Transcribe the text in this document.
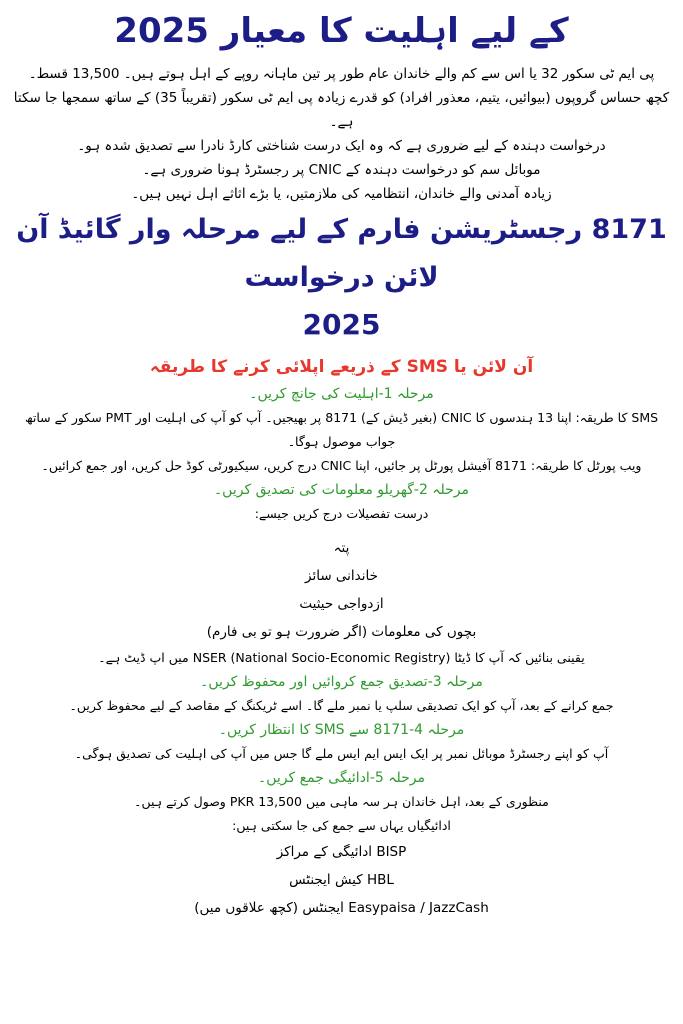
کے لیے اہلیت کا معیار 2025

پی ایم ٹی سکور 32 یا اس سے کم والے خاندان عام طور پر تین ماہانہ روپے کے اہل ہوتے ہیں۔ 13,500 قسط۔

کچھ حساس گروپوں (بیوائیں، یتیم، معذور افراد) کو قدرے زیادہ پی ایم ٹی سکور (تقریباً 35) کے ساتھ سمجھا جا سکتا ہے۔

درخواست دہندہ کے لیے ضروری ہے کہ وہ ایک درست شناختی کارڈ نادرا سے تصدیق شدہ ہو۔

موبائل سم کو درخواست دہندہ کے CNIC پر رجسٹرڈ ہونا ضروری ہے۔

زیادہ آمدنی والے خاندان، انتظامیہ کی ملازمتیں، یا بڑے اثاثے اہل نہیں ہیں۔

8171 رجسٹریشن فارم کے لیے مرحلہ وار گائیڈ آن لائن درخواست
2025
آن لائن یا SMS کے ذریعے اپلائی کرنے کا طریقہ

مرحلہ 1-اہلیت کی جانچ کریں۔

SMS کا طریقہ: اپنا 13 ہندسوں کا CNIC (بغیر ڈیش کے) 8171 پر بھیجیں۔ آپ کو آپ کی اہلیت اور PMT سکور کے ساتھ جواب موصول ہوگا۔

ویب پورٹل کا طریقہ: 8171 آفیشل پورٹل پر جائیں، اپنا CNIC درج کریں، سیکیورٹی کوڈ حل کریں، اور جمع کرائیں۔

مرحلہ 2-گھریلو معلومات کی تصدیق کریں۔

درست تفصیلات درج کریں جیسے:

پتہ

خاندانی سائز

ازدواجی حیثیت

بچوں کی معلومات (اگر ضرورت ہو تو بی فارم)

یقینی بنائیں کہ آپ کا ڈیٹا NSER (National Socio-Economic Registry) میں اپ ڈیٹ ہے۔

مرحلہ 3-تصدیق جمع کروائیں اور محفوظ کریں۔

جمع کرانے کے بعد، آپ کو ایک تصدیقی سلپ یا نمبر ملے گا۔ اسے ٹریکنگ کے مقاصد کے لیے محفوظ کریں۔

مرحلہ 4-8171 سے SMS کا انتظار کریں۔

آپ کو اپنے رجسٹرڈ موبائل نمبر پر ایک ایس ایم ایس ملے گا جس میں آپ کی اہلیت کی تصدیق ہوگی۔

مرحلہ 5-ادائیگی جمع کریں۔

منظوری کے بعد، اہل خاندان ہر سہ ماہی میں PKR 13,500 وصول کرتے ہیں۔

ادائیگیاں یہاں سے جمع کی جا سکتی ہیں:

BISP ادائیگی کے مراکز

HBL کیش ایجنٹس

Easypaisa / JazzCash ایجنٹس (کچھ علاقوں میں)
